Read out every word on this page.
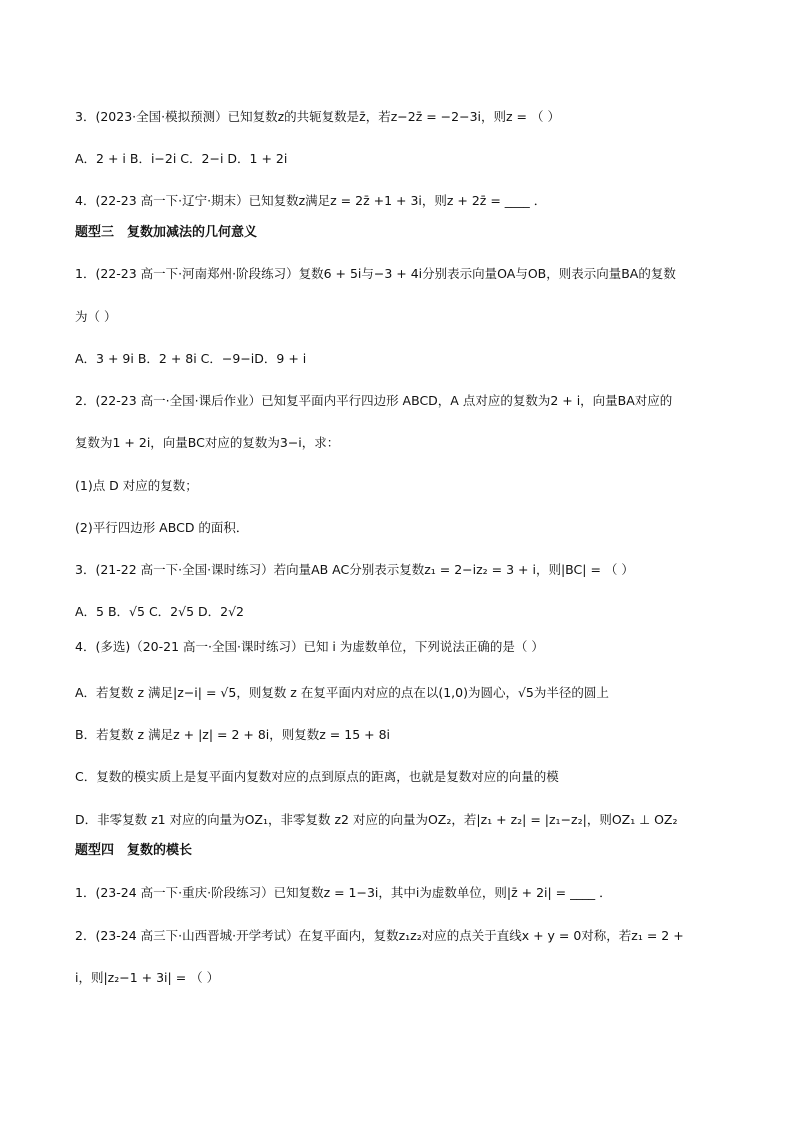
3．(2023·全国·模拟预测）已知复数z的共轭复数是z̄，若z−2z̄ = −2−3i，则z = （ ）
A．2 + i B．i−2i C．2−i D．1 + 2i
4．(22-23 高一下·辽宁·期末）已知复数z满足z = 2z̄ +1 + 3i，则z + 2z̄ = ____ ．
题型三　复数加减法的几何意义
1．(22-23 高一下·河南郑州·阶段练习）复数6 + 5i与−3 + 4i分别表示向量OA与OB，则表示向量BA的复数
为（ ）
A．3 + 9i B．2 + 8i C．−9−iD．9 + i
2．(22-23 高一·全国·课后作业）已知复平面内平行四边形 ABCD，A 点对应的复数为2 + i，向量BA对应的
复数为1 + 2i，向量BC对应的复数为3−i，求：
(1)点 D 对应的复数；
(2)平行四边形 ABCD 的面积．
3．(21-22 高一下·全国·课时练习）若向量AB AC分别表示复数z₁ = 2−iz₂ = 3 + i，则|BC| = （ ）
A．5 B．√5 C．2√5 D．2√2
4．(多选)（20-21 高一·全国·课时练习）已知 i 为虚数单位，下列说法正确的是（ ）
A．若复数 z 满足|z−i| = √5，则复数 z 在复平面内对应的点在以(1,0)为圆心，√5为半径的圆上
B．若复数 z 满足z + |z| = 2 + 8i，则复数z = 15 + 8i
C．复数的模实质上是复平面内复数对应的点到原点的距离，也就是复数对应的向量的模
D．非零复数 z1 对应的向量为OZ₁，非零复数 z2 对应的向量为OZ₂，若|z₁ + z₂| = |z₁−z₂|，则OZ₁ ⊥ OZ₂
题型四　复数的模长
1．(23-24 高一下·重庆·阶段练习）已知复数z = 1−3i，其中i为虚数单位，则|z̄ + 2i| = ____ ．
2．(23-24 高三下·山西晋城·开学考试）在复平面内，复数z₁z₂对应的点关于直线x + y = 0对称，若z₁ = 2 +
i，则|z₂−1 + 3i| = （ ）
